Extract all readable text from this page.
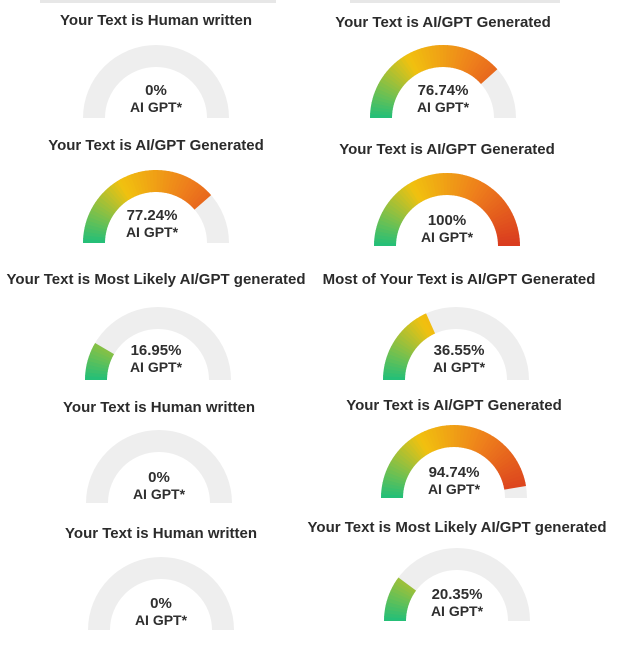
Your Text is Human written
0%
AI GPT*
Your Text is AI/GPT Generated
76.74%
AI GPT*
Your Text is AI/GPT Generated
77.24%
AI GPT*
Your Text is AI/GPT Generated
100%
AI GPT*
Your Text is Most Likely AI/GPT generated
16.95%
AI GPT*
Most of Your Text is AI/GPT Generated
36.55%
AI GPT*
Your Text is Human written
0%
AI GPT*
Your Text is AI/GPT Generated
94.74%
AI GPT*
Your Text is Human written
0%
AI GPT*
Your Text is Most Likely AI/GPT generated
20.35%
AI GPT*
